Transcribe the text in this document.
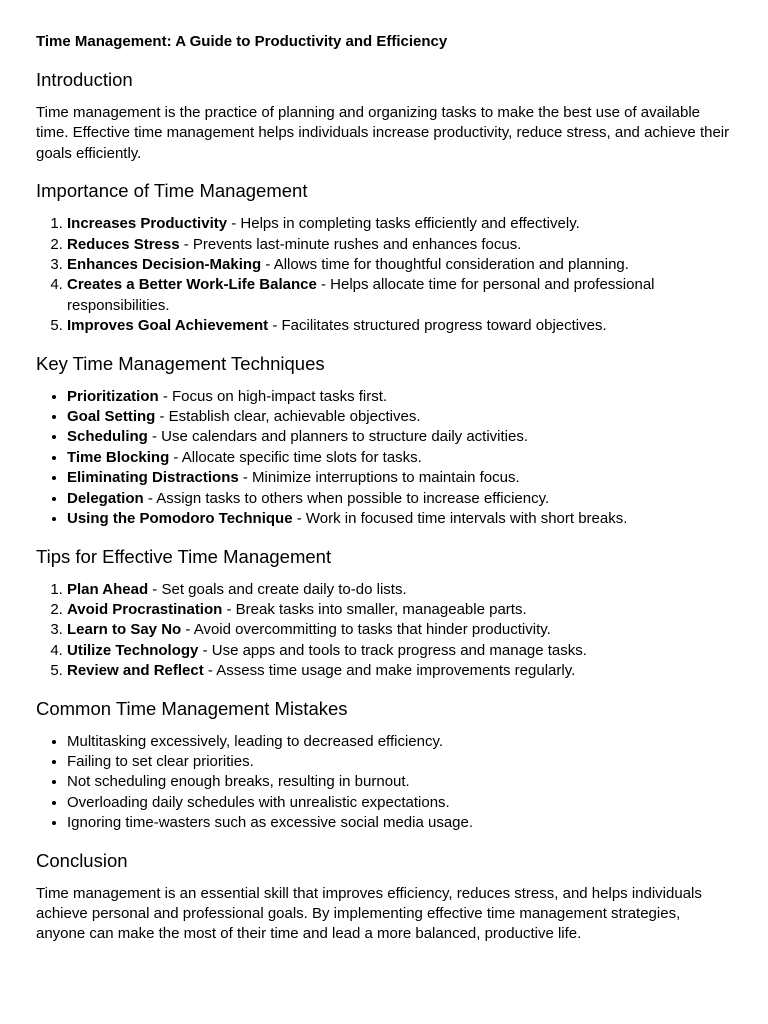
Time Management: A Guide to Productivity and Efficiency
Introduction

Time management is the practice of planning and organizing tasks to make the best use of available time. Effective time management helps individuals increase productivity, reduce stress, and achieve their goals efficiently.

Importance of Time Management
1. Increases Productivity - Helps in completing tasks efficiently and effectively.
2. Reduces Stress - Prevents last-minute rushes and enhances focus.
3. Enhances Decision-Making - Allows time for thoughtful consideration and planning.
4. Creates a Better Work-Life Balance - Helps allocate time for personal and professional responsibilities.
5. Improves Goal Achievement - Facilitates structured progress toward objectives.
Key Time Management Techniques
• Prioritization - Focus on high-impact tasks first.
• Goal Setting - Establish clear, achievable objectives.
• Scheduling - Use calendars and planners to structure daily activities.
• Time Blocking - Allocate specific time slots for tasks.
• Eliminating Distractions - Minimize interruptions to maintain focus.
• Delegation - Assign tasks to others when possible to increase efficiency.
• Using the Pomodoro Technique - Work in focused time intervals with short breaks.
Tips for Effective Time Management
1. Plan Ahead - Set goals and create daily to-do lists.
2. Avoid Procrastination - Break tasks into smaller, manageable parts.
3. Learn to Say No - Avoid overcommitting to tasks that hinder productivity.
4. Utilize Technology - Use apps and tools to track progress and manage tasks.
5. Review and Reflect - Assess time usage and make improvements regularly.
Common Time Management Mistakes
• Multitasking excessively, leading to decreased efficiency.
• Failing to set clear priorities.
• Not scheduling enough breaks, resulting in burnout.
• Overloading daily schedules with unrealistic expectations.
• Ignoring time-wasters such as excessive social media usage.
Conclusion

Time management is an essential skill that improves efficiency, reduces stress, and helps individuals achieve personal and professional goals. By implementing effective time management strategies, anyone can make the most of their time and lead a more balanced, productive life.
